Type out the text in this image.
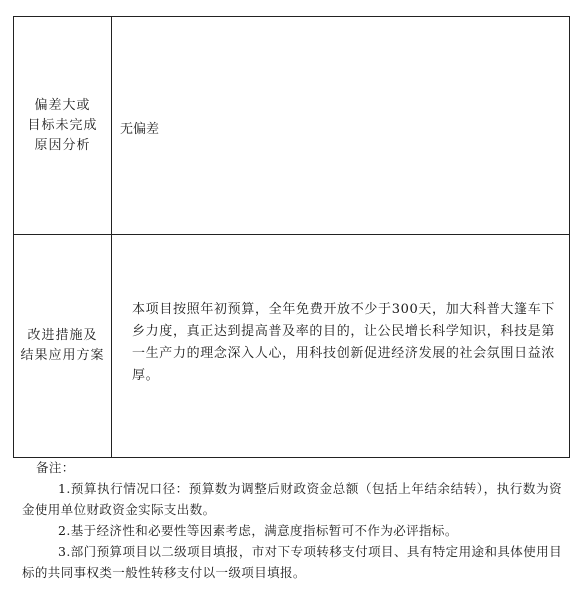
偏差大或
目标未完成
原因分析	无偏差

改进措施及
结果应用方案	本项目按照年初预算，全年免费开放不少于300天，加大科普大篷车下乡力度，真正达到提高普及率的目的，让公民增长科学知识，科技是第一生产力的理念深入人心，用科技创新促进经济发展的社会氛围日益浓厚。
备注：
1.预算执行情况口径：预算数为调整后财政资金总额（包括上年结余结转），执行数为资金使用单位财政资金实际支出数。
2.基于经济性和必要性等因素考虑，满意度指标暂可不作为必评指标。
3.部门预算项目以二级项目填报，市对下专项转移支付项目、具有特定用途和具体使用目标的共同事权类一般性转移支付以一级项目填报。
